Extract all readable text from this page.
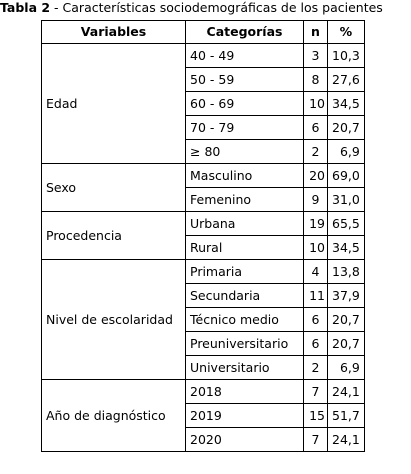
Tabla 2 - Características sociodemográficas de los pacientes
Variables	Categorías	n	%
Edad	40 - 49	3	10,3
	50 - 59	8	27,6
	60 - 69	10	34,5
	70 - 79	6	20,7
	≥ 80	2	6,9
Sexo	Masculino	20	69,0
	Femenino	9	31,0
Procedencia	Urbana	19	65,5
	Rural	10	34,5
Nivel de escolaridad	Primaria	4	13,8
	Secundaria	11	37,9
	Técnico medio	6	20,7
	Preuniversitario	6	20,7
	Universitario	2	6,9
Año de diagnóstico	2018	7	24,1
	2019	15	51,7
	2020	7	24,1
